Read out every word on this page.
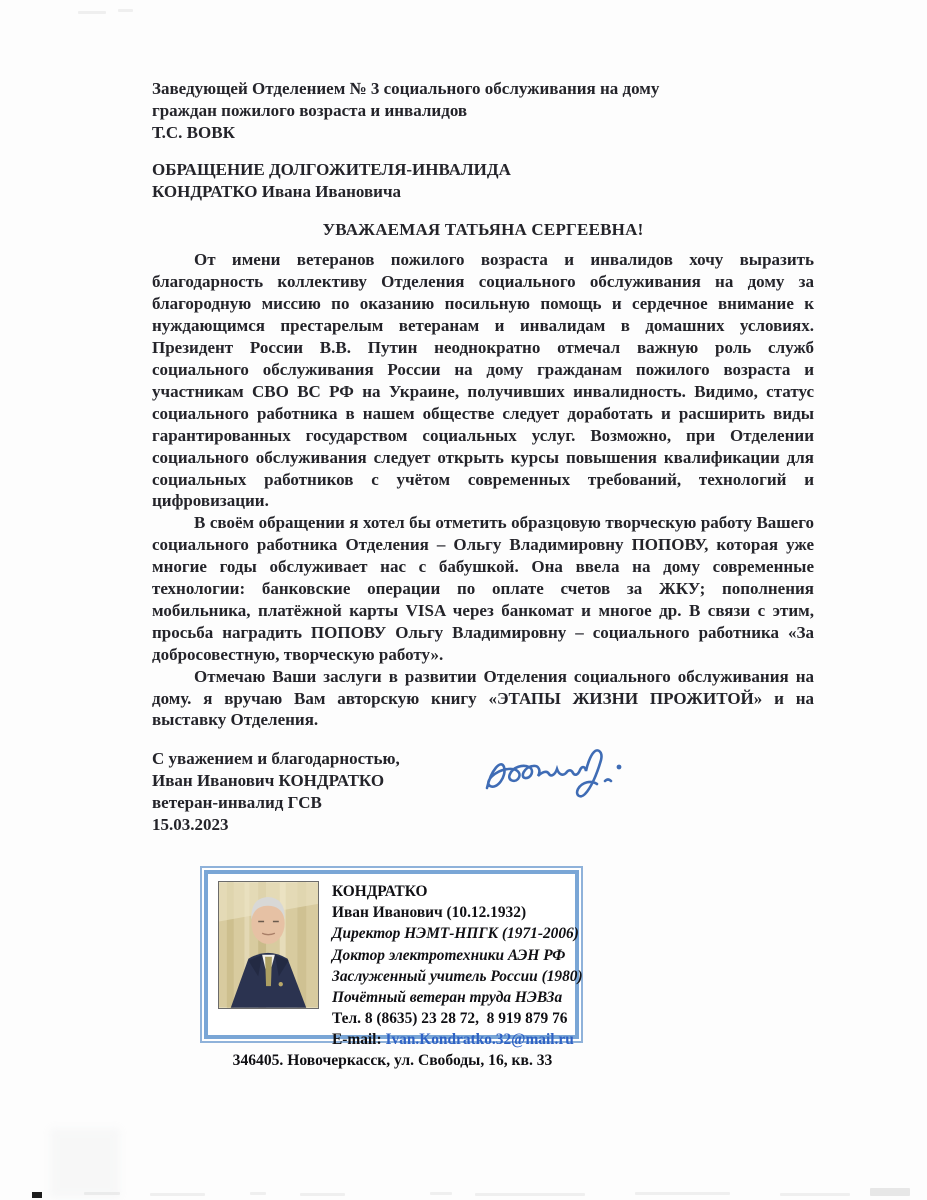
Заведующей Отделением № 3 социального обслуживания на дому
граждан пожилого возраста и инвалидов
Т.С. ВОВК
ОБРАЩЕНИЕ ДОЛГОЖИТЕЛЯ-ИНВАЛИДА
КОНДРАТКО Ивана Ивановича
УВАЖАЕМАЯ ТАТЬЯНА СЕРГЕЕВНА!

От имени ветеранов пожилого возраста и инвалидов хочу выразить благодарность коллективу Отделения социального обслуживания на дому за благородную миссию по оказанию посильную помощь и сердечное внимание к нуждающимся престарелым ветеранам и инвалидам в домашних условиях. Президент России В.В. Путин неоднократно отмечал важную роль служб социального обслуживания России на дому гражданам пожилого возраста и участникам СВО ВС РФ на Украине, получивших инвалидность. Видимо, статус социального работника в нашем обществе следует доработать и расширить виды гарантированных государством социальных услуг. Возможно, при Отделении социального обслуживания следует открыть курсы повышения квалификации для социальных работников с учётом современных требований, технологий и цифровизации.

В своём обращении я хотел бы отметить образцовую творческую работу Вашего социального работника Отделения – Ольгу Владимировну ПОПОВУ, которая уже многие годы обслуживает нас с бабушкой. Она ввела на дому современные технологии: банковские операции по оплате счетов за ЖКУ; пополнения мобильника, платёжной карты VISA через банкомат и многое др. В связи с этим, просьба наградить ПОПОВУ Ольгу Владимировну – социального работника «За добросовестную, творческую работу».

Отмечаю Ваши заслуги в развитии Отделения социального обслуживания на дому. я вручаю Вам авторскую книгу «ЭТАПЫ ЖИЗНИ ПРОЖИТОЙ» и на выставку Отделения.

С уважением и благодарностью,
Иван Иванович КОНДРАТКО
ветеран-инвалид ГСВ
15.03.2023
КОНДРАТКО
Иван Иванович (10.12.1932)
Директор НЭМТ-НПГК (1971-2006)
Доктор электротехники АЭН РФ
Заслуженный учитель России (1980)
Почётный ветеран труда НЭВЗа
Тел. 8 (8635) 23 28 72,  8 919 879 76
E-mail: Ivan.Kondratko.32@mail.ru
346405. Новочеркасск, ул. Свободы, 16, кв. 33
